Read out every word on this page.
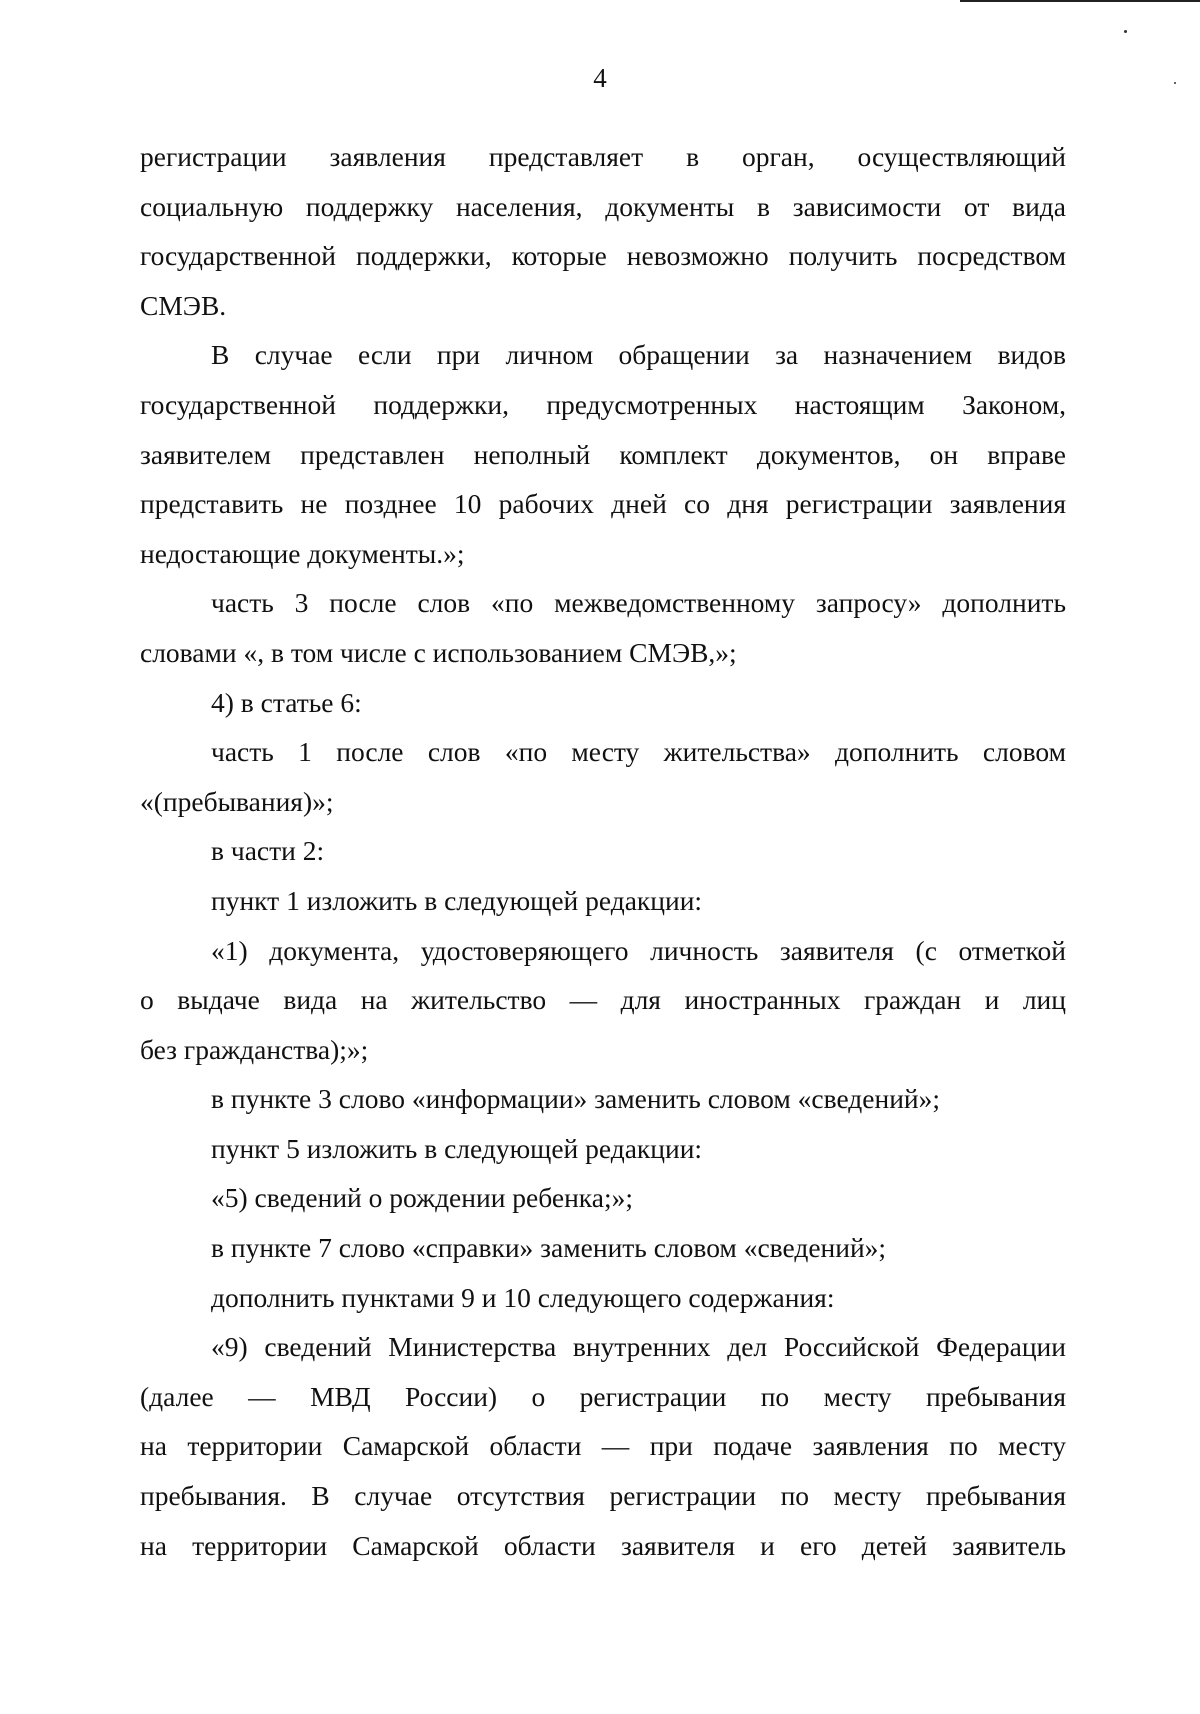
4
регистрации заявления представляет в орган, осуществляющий
социальную поддержку населения, документы в зависимости от вида
государственной поддержки, которые невозможно получить посредством
СМЭВ.
В случае если при личном обращении за назначением видов
государственной поддержки, предусмотренных настоящим Законом,
заявителем представлен неполный комплект документов, он вправе
представить не позднее 10 рабочих дней со дня регистрации заявления
недостающие документы.»;
часть 3 после слов «по межведомственному запросу» дополнить
словами «, в том числе с использованием СМЭВ,»;
4) в статье 6:
часть 1 после слов «по месту жительства» дополнить словом
«(пребывания)»;
в части 2:
пункт 1 изложить в следующей редакции:
«1) документа, удостоверяющего личность заявителя (с отметкой
о выдаче вида на жительство — для иностранных граждан и лиц
без гражданства);»;
в пункте 3 слово «информации» заменить словом «сведений»;
пункт 5 изложить в следующей редакции:
«5) сведений о рождении ребенка;»;
в пункте 7 слово «справки» заменить словом «сведений»;
дополнить пунктами 9 и 10 следующего содержания:
«9) сведений Министерства внутренних дел Российской Федерации
(далее — МВД России) о регистрации по месту пребывания
на территории Самарской области — при подаче заявления по месту
пребывания. В случае отсутствия регистрации по месту пребывания
на территории Самарской области заявителя и его детей заявитель
